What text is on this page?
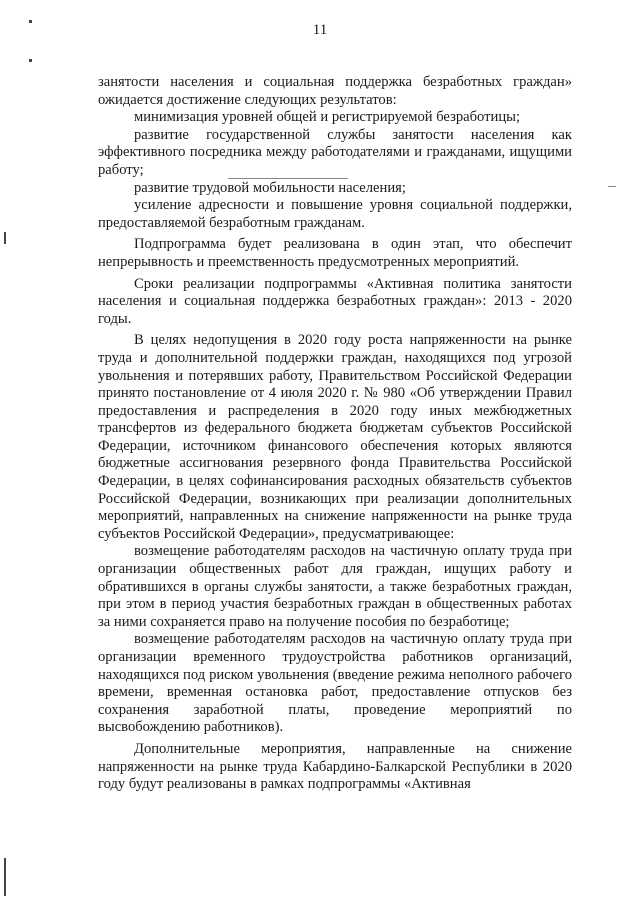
11

занятости населения и социальная поддержка безработных граждан» ожидается достижение следующих результатов:

минимизация уровней общей и регистрируемой безработицы;

развитие государственной службы занятости населения как эффективного посредника между работодателями и гражданами, ищущими работу;

развитие трудовой мобильности населения;

усиление адресности и повышение уровня социальной поддержки, предоставляемой безработным гражданам.

Подпрограмма будет реализована в один этап, что обеспечит непрерывность и преемственность предусмотренных мероприятий.

Сроки реализации подпрограммы «Активная политика занятости населения и социальная поддержка безработных граждан»: 2013 - 2020 годы.

В целях недопущения в 2020 году роста напряженности на рынке труда и дополнительной поддержки граждан, находящихся под угрозой увольнения и потерявших работу, Правительством Российской Федерации принято постановление от 4 июля 2020 г. № 980 «Об утверждении Правил предоставления и распределения в 2020 году иных межбюджетных трансфертов из федерального бюджета бюджетам субъектов Российской Федерации, источником финансового обеспечения которых являются бюджетные ассигнования резервного фонда Правительства Российской Федерации, в целях софинансирования расходных обязательств субъектов Российской Федерации, возникающих при реализации дополнительных мероприятий, направленных на снижение напряженности на рынке труда субъектов Российской Федерации», предусматривающее:

возмещение работодателям расходов на частичную оплату труда при организации общественных работ для граждан, ищущих работу и обратившихся в органы службы занятости, а также безработных граждан, при этом в период участия безработных граждан в общественных работах за ними сохраняется право на получение пособия по безработице;

возмещение работодателям расходов на частичную оплату труда при организации временного трудоустройства работников организаций, находящихся под риском увольнения (введение режима неполного рабочего времени, временная остановка работ, предоставление отпусков без сохранения заработной платы, проведение мероприятий по высвобождению работников).

Дополнительные мероприятия, направленные на снижение напряженности на рынке труда Кабардино-Балкарской Республики в 2020 году будут реализованы в рамках подпрограммы «Активная
